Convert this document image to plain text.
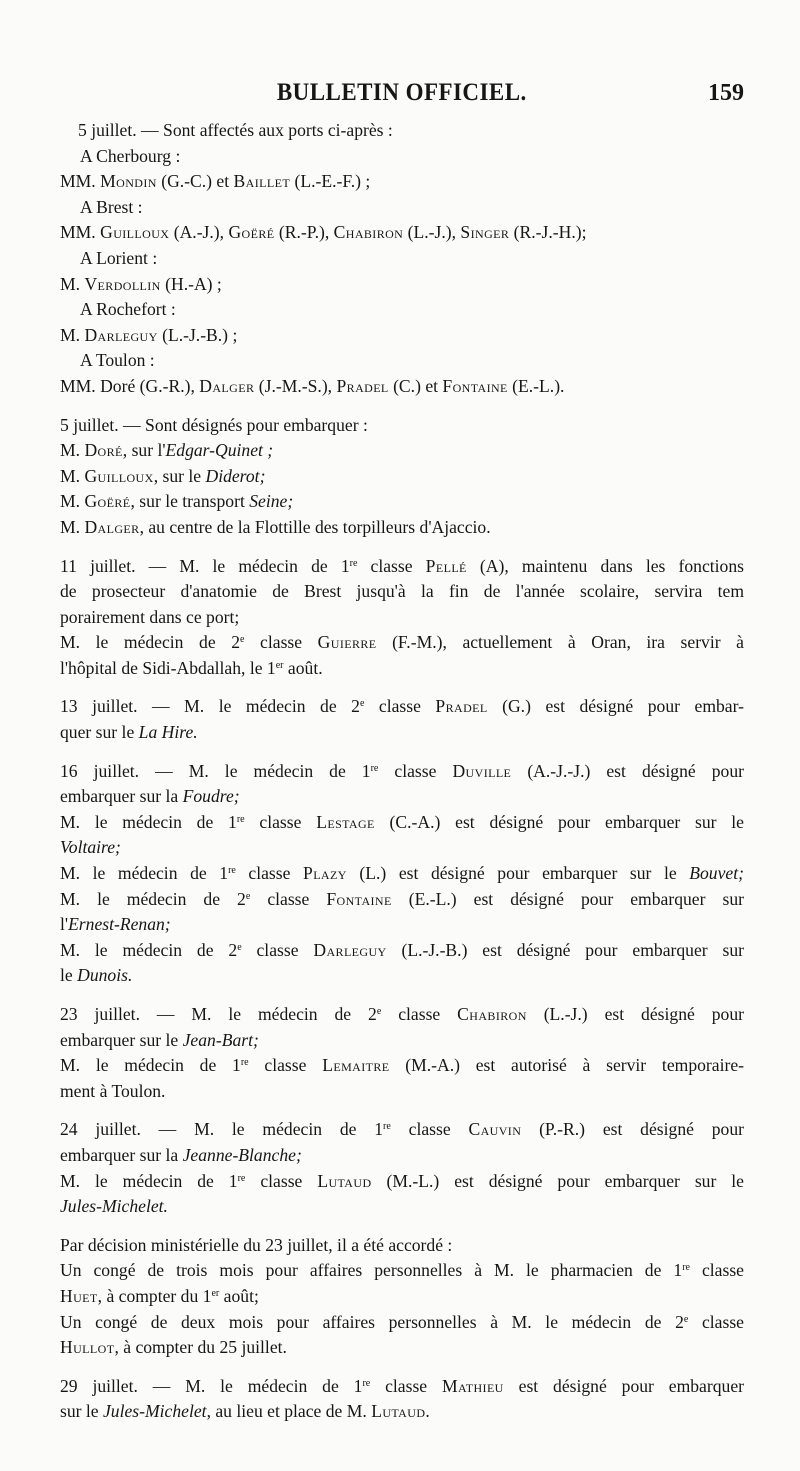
BULLETIN OFFICIEL.	159
5 juillet. — Sont affectés aux ports ci-après :
A Cherbourg :
MM. Mondin (G.-C.) et Baillet (L.-E.-F.) ;
A Brest :
MM. Guilloux (A.-J.), Goëré (R.-P.), Chabiron (L.-J.), Singer (R.-J.-H.);
A Lorient :
M. Verdollin (H.-A) ;
A Rochefort :
M. Darleguy (L.-J.-B.) ;
A Toulon :
MM. Doré (G.-R.), Dalger (J.-M.-S.), Pradel (C.) et Fontaine (E.-L.).
5 juillet. — Sont désignés pour embarquer :
M. Doré, sur l'Edgar-Quinet ;
M. Guilloux, sur le Diderot;
M. Goëré, sur le transport Seine;
M. Dalger, au centre de la Flottille des torpilleurs d'Ajaccio.
11 juillet. — M. le médecin de 1re classe Pellé (A), maintenu dans les fonctions
de prosecteur d'anatomie de Brest jusqu'à la fin de l'année scolaire, servira tem
porairement dans ce port;
M. le médecin de 2e classe Guierre (F.-M.), actuellement à Oran, ira servir à
l'hôpital de Sidi-Abdallah, le 1er août.
13 juillet. — M. le médecin de 2e classe Pradel (G.) est désigné pour embar-
quer sur le La Hire.
16 juillet. — M. le médecin de 1re classe Duville (A.-J.-J.) est désigné pour
embarquer sur la Foudre;
M. le médecin de 1re classe Lestage (C.-A.) est désigné pour embarquer sur le
Voltaire;
M. le médecin de 1re classe Plazy (L.) est désigné pour embarquer sur le Bouvet;
M. le médecin de 2e classe Fontaine (E.-L.) est désigné pour embarquer sur
l'Ernest-Renan;
M. le médecin de 2e classe Darleguy (L.-J.-B.) est désigné pour embarquer sur
le Dunois.
23 juillet. — M. le médecin de 2e classe Chabiron (L.-J.) est désigné pour
embarquer sur le Jean-Bart;
M. le médecin de 1re classe Lemaitre (M.-A.) est autorisé à servir temporaire-
ment à Toulon.
24 juillet. — M. le médecin de 1re classe Cauvin (P.-R.) est désigné pour
embarquer sur la Jeanne-Blanche;
M. le médecin de 1re classe Lutaud (M.-L.) est désigné pour embarquer sur le
Jules-Michelet.
Par décision ministérielle du 23 juillet, il a été accordé :
Un congé de trois mois pour affaires personnelles à M. le pharmacien de 1re classe
Huet, à compter du 1er août;
Un congé de deux mois pour affaires personnelles à M. le médecin de 2e classe
Hullot, à compter du 25 juillet.
29 juillet. — M. le médecin de 1re classe Mathieu est désigné pour embarquer
sur le Jules-Michelet, au lieu et place de M. Lutaud.
